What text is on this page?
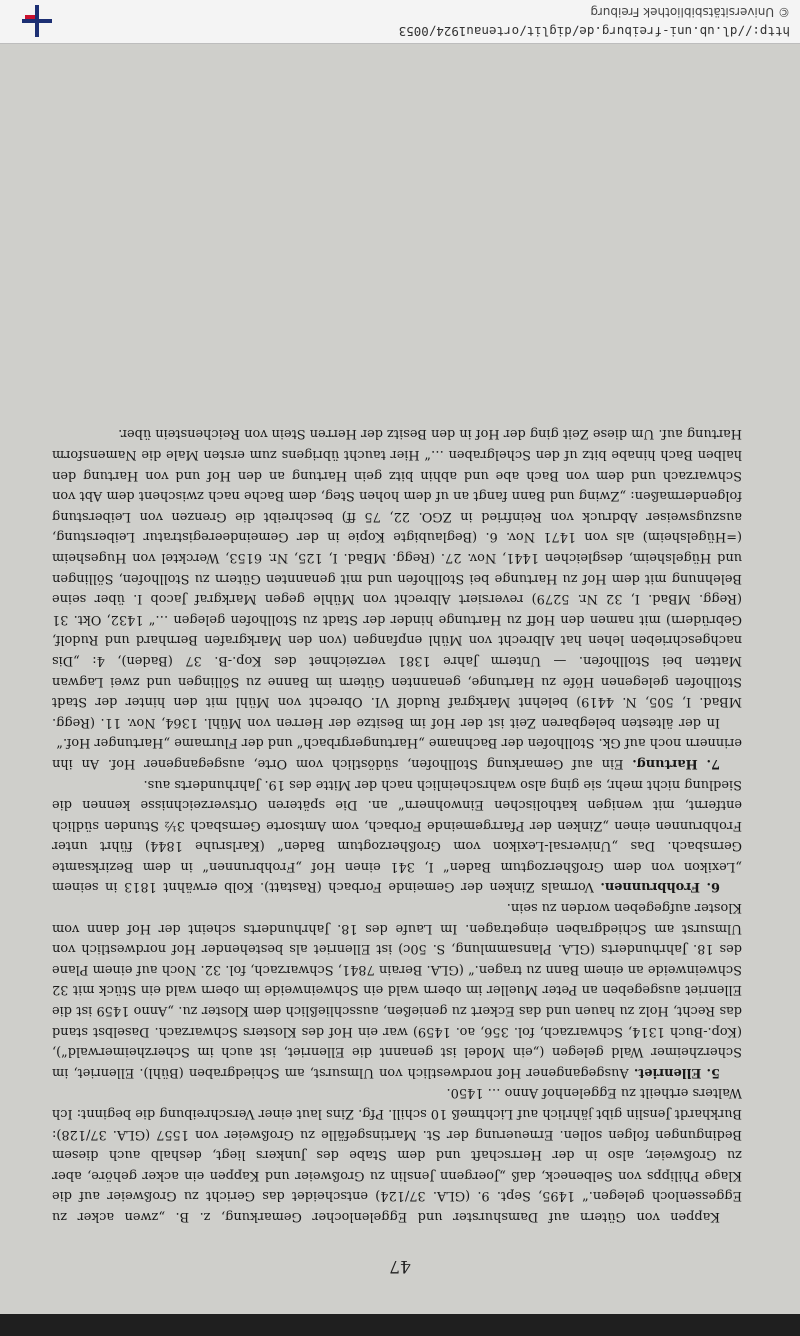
47

Kappen von Gütern auf Damshurster und Eggelenlocher Gemarkung, z. B. „zwen acker zu Eggessenloch gelegen.“ 1495, Sept. 9. (GLA. 37/124) entscheidet das Gericht zu Großweier auf die Klage Philipps von Selbeneck, daß „Joergenn Jenslin zu Großweier und Kappen ein acker gehöre, aber zu Großweier, also in der Herrschaft und dem Stabe des Junkers liegt, deshalb auch diesem Bedingungen folgen sollen. Erneuerung der St. Martinsgefälle zu Großweier von 1557 (GLA. 37/128): Burkhardt Jenslin gibt jährlich auf Lichtmeß 10 schill. Pfg. Zins laut einer Verschreibung die beginnt: Ich Walters ertheilt zu Eggelenhof Anno … 1450.

5. Ellenriet. Ausgegangener Hof nordwestlich von Ulmsurst, am Schiedgraben (Bühl). Ellenriet, im Scherzheimer Wald gelegen („ein Model ist genannt die Ellenriet, ist auch im Scherzheimerwald“), (Kop.-Buch 1314, Schwarzach, fol. 356, ao. 1459) war ein Hof des Klosters Schwarzach. Daselbst stand das Recht, Holz zu hauen und das Eckert zu genießen, ausschließlich dem Kloster zu. „Anno 1459 ist die Ellenriet ausgegeben an Peter Mueller im obern wald ein Schweinweide im obern wald ein Stück mit 32 Schweinweide an einem Bann zu tragen.“ (GLA. Berain 7841, Schwarzach, fol. 32. Noch auf einem Plane des 18. Jahrhunderts (GLA. Plansammlung, S. 50c) ist Ellenriet als bestehender Hof nordwestlich von Ulmsurst am Schiedgraben eingetragen. Im Laufe des 18. Jahrhunderts scheint der Hof dann vom Kloster aufgegeben worden zu sein.

6. Frohbrunnen. Vormals Zinken der Gemeinde Forbach (Rastatt). Kolb erwähnt 1813 in seinem „Lexikon von dem Großherzogtum Baden“ I, 341 einen Hof „Frohbrunnen“ in dem Bezirksamte Gernsbach. Das „Universal-Lexikon vom Großherzogtum Baden“ (Karlsruhe 1844) führt unter Frohbrunnen einen „Zinken der Pfarrgemeinde Forbach, vom Amtsorte Gernsbach 3½ Stunden südlich entfernt, mit wenigen katholischen Einwohnern“ an. Die späteren Ortsverzeichnisse kennen die Siedlung nicht mehr, sie ging also wahrscheinlich nach der Mitte des 19. Jahrhunderts aus.

7. Hartung. Ein auf Gemarkung Stollhofen, südöstlich vom Orte, ausgegangener Hof. An ihn erinnern noch auf Gk. Stollhofen der Bachname „Hartungergrbach“ und der Flurname „Hartunger Hof.“

In der ältesten belegbaren Zeit ist der Hof im Besitze der Herren von Mühl. 1364, Nov. 11. (Regg. MBad. I, 505, N. 4419) belehnt Markgraf Rudolf VI. Obrecht von Mühl mit den hinter der Stadt Stollhofen gelegenen Höfe zu Hartunge, genannten Gütern im Banne zu Söllingen und zwei Lagwan Matten bei Stollhofen. — Unterm Jahre 1381 verzeichnet des Kop.-B. 37 (Baden), 4: „Dis nachgeschrieben lehen hat Albrecht von Mühl enpfangen (von den Markgrafen Bernhard und Rudolf, Gebrüdern) mit namen den Hoff zu Hartunge hinder der Stadt zu Stollhofen gelegen …“ 1432, Okt. 31 (Regg. MBad. I, 32 Nr. 5279) reversiert Albrecht von Mühle gegen Markgraf Jacob I. über seine Belehnung mit dem Hof zu Hartunge bei Stollhofen und mit genannten Gütern zu Stollhofen, Söllingen und Hügelsheim, desgleichen 1441, Nov. 27. (Regg. MBad. I, 125, Nr. 6153, Wercktel von Hugesheim (=Hügelsheim) als von 1471 Nov. 6. (Beglaubigte Kopie in der Gemeindeeregistratur Leiberstung, auszugsweiser Abdruck von Reinfried in ZGO. 22, 75 ff) beschreibt die Grenzen von Leiberstung folgendermaßen: „Zwing und Bann fangt an uf dem hohen Steg, dem Bache nach zwischent dem Abt von Schwarzach und dem von Bach abe und abhin bitz gein Hartung an den Hof und von Hartung den halben Bach hinabe bitz uf den Schelgraben …“ Hier taucht übrigens zum ersten Male die Namensform Hartung auf. Um diese Zeit ging der Hof in den Besitz der Herren Stein von Reichenstein über.

http://dl.ub.uni-freiburg.de/diglit/ortenau1924/0053
© Universitätsbibliothek Freiburg
